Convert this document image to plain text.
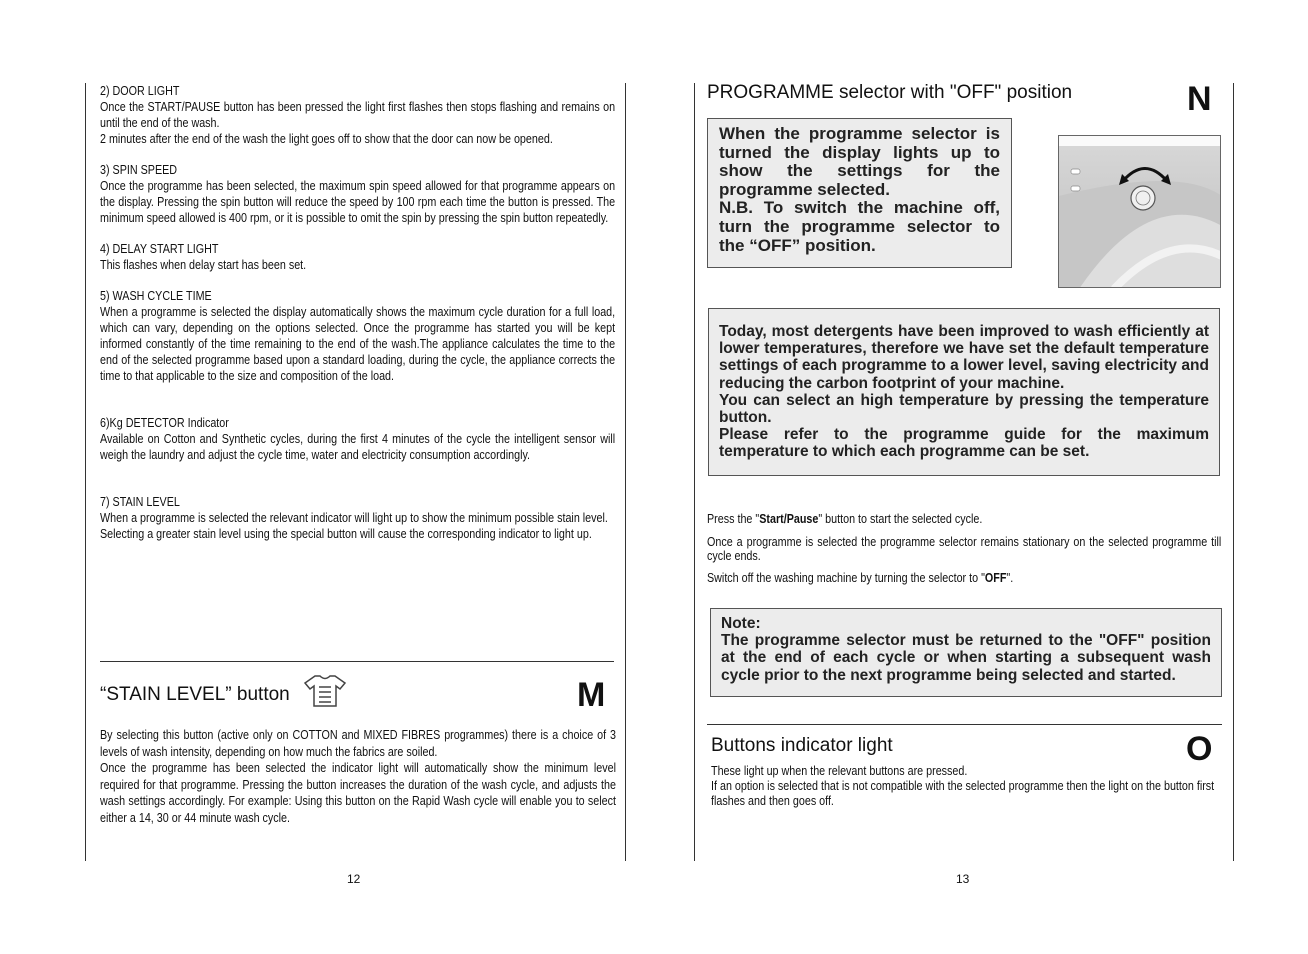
2) DOOR LIGHT

Once the START/PAUSE button has been pressed the light first flashes then stops flashing and remains on until the end of the wash.

2 minutes after the end of the wash the light goes off to show that the door can now be opened.

3) SPIN SPEED

Once the programme has been selected, the maximum spin speed allowed for that programme appears on the display. Pressing the spin button will reduce the speed by 100 rpm each time the button is pressed. The minimum speed allowed is 400 rpm, or it is possible to omit the spin by pressing the spin button repeatedly.

4) DELAY START LIGHT

This flashes when delay start has been set.

5) WASH CYCLE TIME

When a programme is selected the display automatically shows the maximum cycle duration for a full load, which can vary, depending on the options selected. Once the programme has started you will be kept informed constantly of the time remaining to the end of the wash.The appliance calculates the time to the end of the selected programme based upon a standard loading, during the cycle, the appliance corrects the time to that applicable to the size and composition of the load.

6)Kg DETECTOR Indicator

Available on Cotton and Synthetic cycles, during the first 4 minutes of the cycle the intelligent sensor will weigh the laundry and adjust the cycle time, water and electricity consumption accordingly.

7) STAIN LEVEL

When a programme is selected the relevant indicator will light up to show the minimum possible stain level.

Selecting a greater stain level using the special button will cause the corresponding indicator to light up.

“STAIN LEVEL” button	M

By selecting this button (active only on COTTON and MIXED FIBRES programmes) there is a choice of 3 levels of wash intensity, depending on how much the fabrics are soiled.

Once the programme has been selected the indicator light will automatically show the minimum level required for that programme. Pressing the button increases the duration of the wash cycle, and adjusts the wash settings accordingly. For example: Using this button on the Rapid Wash cycle will enable you to select either a 14, 30 or 44 minute wash cycle.

12
PROGRAMME selector with "OFF" position	N

When the programme selector is turned the display lights up to show the settings for the programme selected.

N.B. To switch the machine off, turn the programme selector to the “OFF” position.

Today, most detergents have been improved to wash efficiently at lower temperatures, therefore we have set the default temperature settings of each programme to a lower level, saving electricity and reducing the carbon footprint of your machine.

You can select an high temperature by pressing the temperature button.

Please refer to the programme guide for the maximum temperature to which each programme can be set.

Press the "Start/Pause" button to start the selected cycle.

Once a programme is selected the programme selector remains stationary on the selected programme till cycle ends.

Switch off the washing machine by turning the selector to "OFF".

Note:

The programme selector must be returned to the "OFF" position at the end of each cycle or when starting a subsequent wash cycle prior to the next programme being selected and started.

Buttons indicator light	O

These light up when the relevant buttons are pressed.

If an option is selected that is not compatible with the selected programme then the light on the button first flashes and then goes off.

13
